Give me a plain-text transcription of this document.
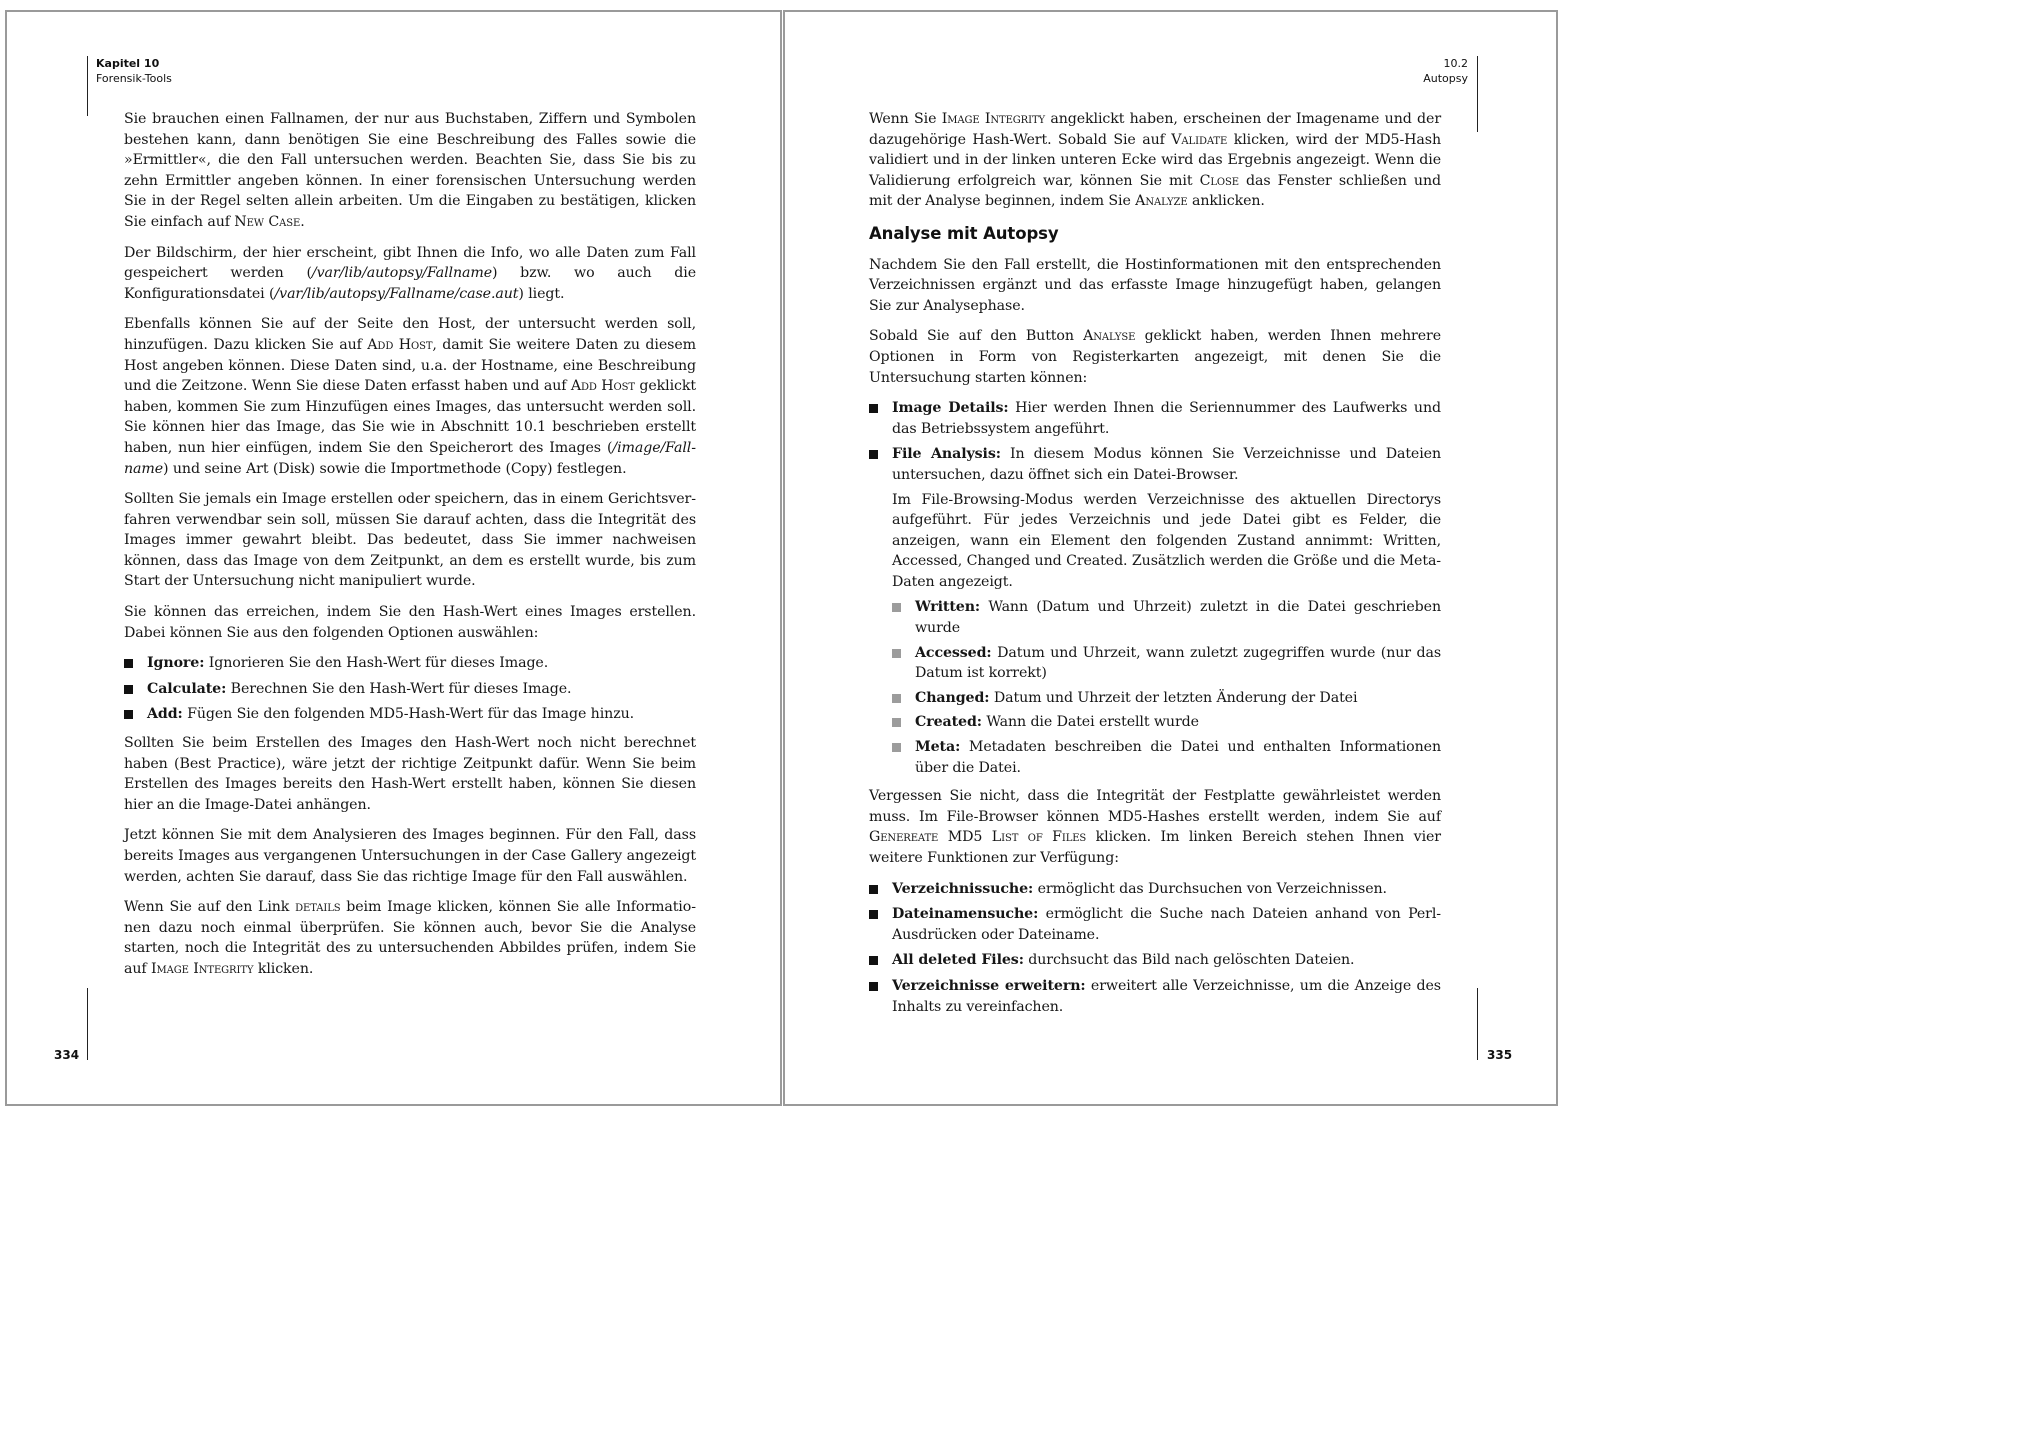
Kapitel 10
Forensik-Tools

Sie brauchen einen Fallnamen, der nur aus Buchstaben, Ziffern und Symbolen bestehen kann, dann benötigen Sie eine Beschreibung des Falles sowie die »Ermittler«, die den Fall untersuchen werden. Beachten Sie, dass Sie bis zu zehn Ermittler angeben können. In einer forensischen Untersuchung werden Sie in der Regel selten allein arbeiten. Um die Eingaben zu bestätigen, klicken Sie einfach auf New Case.

Der Bildschirm, der hier erscheint, gibt Ihnen die Info, wo alle Daten zum Fall gespeichert werden (/var/lib/autopsy/Fallname) bzw. wo auch die Konfigurationsdatei (/var/lib/autopsy/Fallname/case.aut) liegt.

Ebenfalls können Sie auf der Seite den Host, der untersucht werden soll, hinzufügen. Dazu klicken Sie auf Add Host, damit Sie weitere Daten zu diesem Host angeben können. Diese Daten sind, u.a. der Hostname, eine Beschreibung und die Zeitzone. Wenn Sie diese Daten erfasst haben und auf Add Host geklickt haben, kommen Sie zum Hinzufügen eines Images, das untersucht werden soll. Sie können hier das Image, das Sie wie in Abschnitt 10.1 beschrieben erstellt haben, nun hier einfügen, indem Sie den Speicherort des Images (/image/Fallname) und seine Art (Disk) sowie die Importmethode (Copy) festlegen.

Sollten Sie jemals ein Image erstellen oder speichern, das in einem Gerichtsverfahren verwendbar sein soll, müssen Sie darauf achten, dass die Integrität des Images immer gewahrt bleibt. Das bedeutet, dass Sie immer nachweisen können, dass das Image von dem Zeitpunkt, an dem es erstellt wurde, bis zum Start der Untersuchung nicht manipuliert wurde.

Sie können das erreichen, indem Sie den Hash-Wert eines Images erstellen. Dabei können Sie aus den folgenden Optionen auswählen:

Ignore: Ignorieren Sie den Hash-Wert für dieses Image.
Calculate: Berechnen Sie den Hash-Wert für dieses Image.
Add: Fügen Sie den folgenden MD5-Hash-Wert für das Image hinzu.

Sollten Sie beim Erstellen des Images den Hash-Wert noch nicht berechnet haben (Best Practice), wäre jetzt der richtige Zeitpunkt dafür. Wenn Sie beim Erstellen des Images bereits den Hash-Wert erstellt haben, können Sie diesen hier an die Image-Datei anhängen.

Jetzt können Sie mit dem Analysieren des Images beginnen. Für den Fall, dass bereits Images aus vergangenen Untersuchungen in der Case Gallery angezeigt werden, achten Sie darauf, dass Sie das richtige Image für den Fall auswählen.

Wenn Sie auf den Link details beim Image klicken, können Sie alle Informationen dazu noch einmal überprüfen. Sie können auch, bevor Sie die Analyse starten, noch die Integrität des zu untersuchenden Abbildes prüfen, indem Sie auf Image Integrity klicken.

334
10.2
Autopsy

Wenn Sie Image Integrity angeklickt haben, erscheinen der Imagename und der dazugehörige Hash-Wert. Sobald Sie auf Validate klicken, wird der MD5-Hash validiert und in der linken unteren Ecke wird das Ergebnis angezeigt. Wenn die Validierung erfolgreich war, können Sie mit Close das Fenster schließen und mit der Analyse beginnen, indem Sie Analyze anklicken.

Analyse mit Autopsy

Nachdem Sie den Fall erstellt, die Hostinformationen mit den entsprechenden Verzeichnissen ergänzt und das erfasste Image hinzugefügt haben, gelangen Sie zur Analysephase.

Sobald Sie auf den Button Analyse geklickt haben, werden Ihnen mehrere Optionen in Form von Registerkarten angezeigt, mit denen Sie die Untersuchung starten können:

Image Details: Hier werden Ihnen die Seriennummer des Laufwerks und das Betriebssystem angeführt.
File Analysis: In diesem Modus können Sie Verzeichnisse und Dateien untersuchen, dazu öffnet sich ein Datei-Browser.

Im File-Browsing-Modus werden Verzeichnisse des aktuellen Directorys aufgeführt. Für jedes Verzeichnis und jede Datei gibt es Felder, die anzeigen, wann ein Element den folgenden Zustand annimmt: Written, Accessed, Changed und Created. Zusätzlich werden die Größe und die Meta-Daten angezeigt.

Written: Wann (Datum und Uhrzeit) zuletzt in die Datei geschrieben wurde
Accessed: Datum und Uhrzeit, wann zuletzt zugegriffen wurde (nur das Datum ist korrekt)
Changed: Datum und Uhrzeit der letzten Änderung der Datei
Created: Wann die Datei erstellt wurde
Meta: Metadaten beschreiben die Datei und enthalten Informationen über die Datei.

Vergessen Sie nicht, dass die Integrität der Festplatte gewährleistet werden muss. Im File-Browser können MD5-Hashes erstellt werden, indem Sie auf Genereate MD5 List of Files klicken. Im linken Bereich stehen Ihnen vier weitere Funktionen zur Verfügung:

Verzeichnissuche: ermöglicht das Durchsuchen von Verzeichnissen.
Dateinamensuche: ermöglicht die Suche nach Dateien anhand von Perl-Ausdrücken oder Dateiname.
All deleted Files: durchsucht das Bild nach gelöschten Dateien.
Verzeichnisse erweitern: erweitert alle Verzeichnisse, um die Anzeige des Inhalts zu vereinfachen.
335
